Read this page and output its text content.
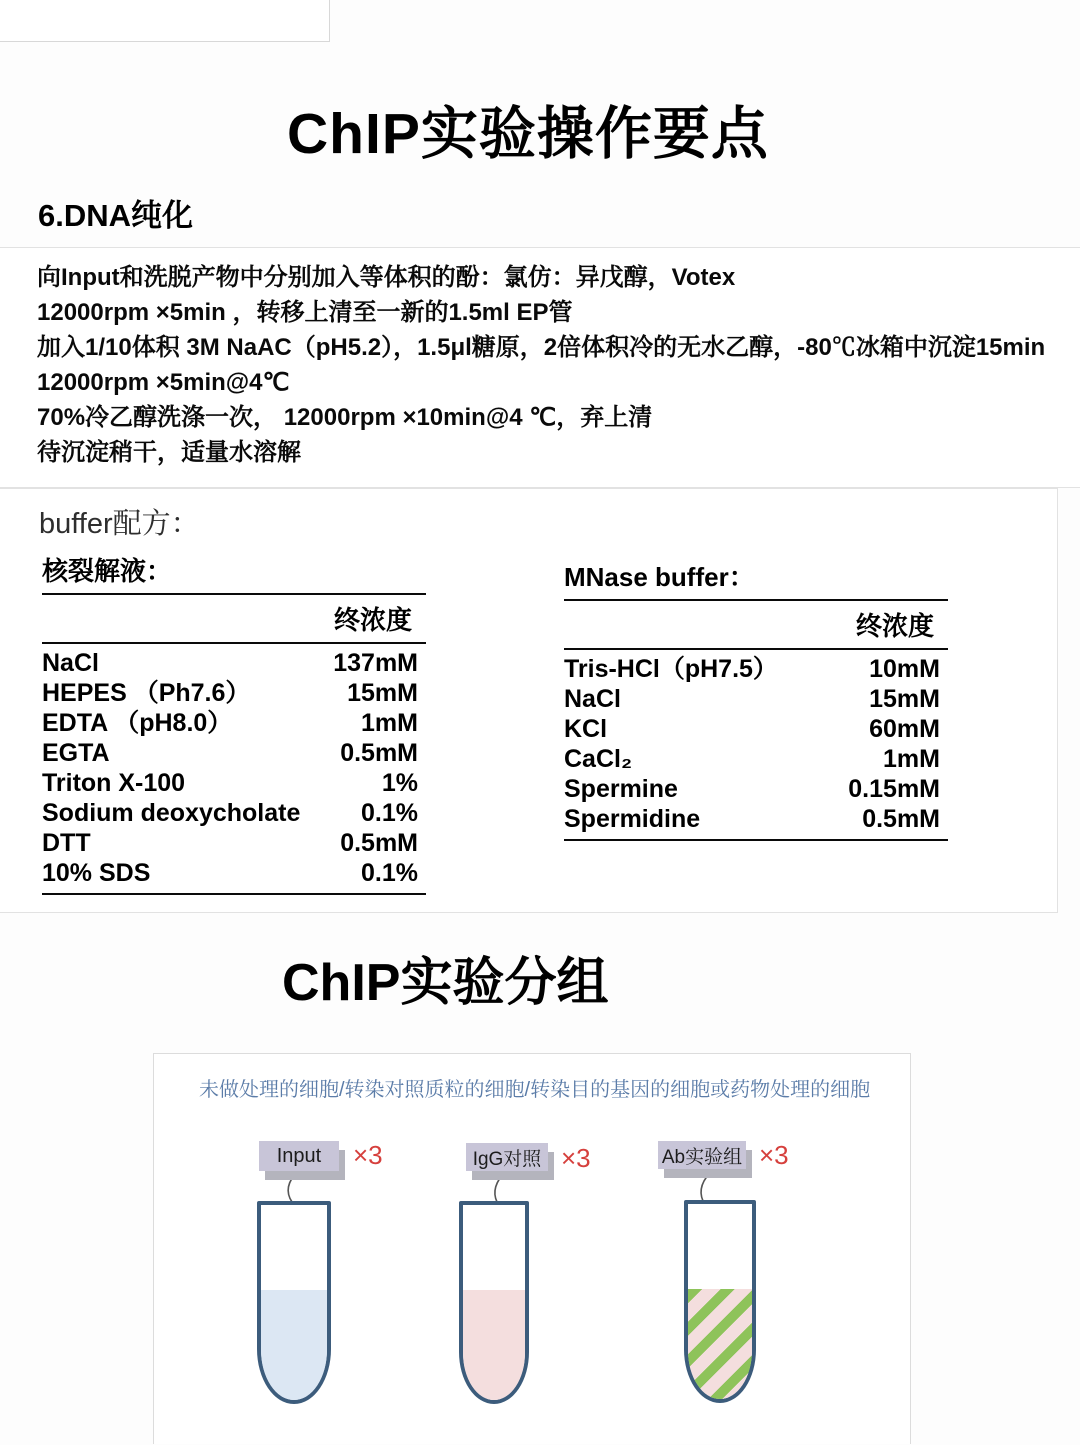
ChIP实验操作要点
6.DNA纯化
向Input和洗脱产物中分别加入等体积的酚：氯仿：异戊醇，Votex
12000rpm ×5min ，转移上清至一新的1.5ml EP管
加入1/10体积 3M NaAC（pH5.2），1.5μl糖原，2倍体积冷的无水乙醇，-80℃冰箱中沉淀15min
12000rpm ×5min@4℃
70%冷乙醇洗涤一次， 12000rpm ×10min@4 ℃，弃上清
待沉淀稍干，适量水溶解
buffer配方：
核裂解液：
终浓度
NaCl	137mM
HEPES （Ph7.6）	15mM
EDTA （pH8.0）	1mM
EGTA	0.5mM
Triton X-100	1%
Sodium deoxycholate 0.1%
DTT	0.5mM
10% SDS	0.1%
MNase buffer：
终浓度
Tris-HCl（pH7.5）	10mM
NaCl	15mM
KCl	60mM
CaCl₂	1mM
Spermine	0.15mM
Spermidine	0.5mM
ChIP实验分组
未做处理的细胞/转染对照质粒的细胞/转染目的基因的细胞或药物处理的细胞
Input	×3	IgG对照 ×3	Ab实验组 ×3
